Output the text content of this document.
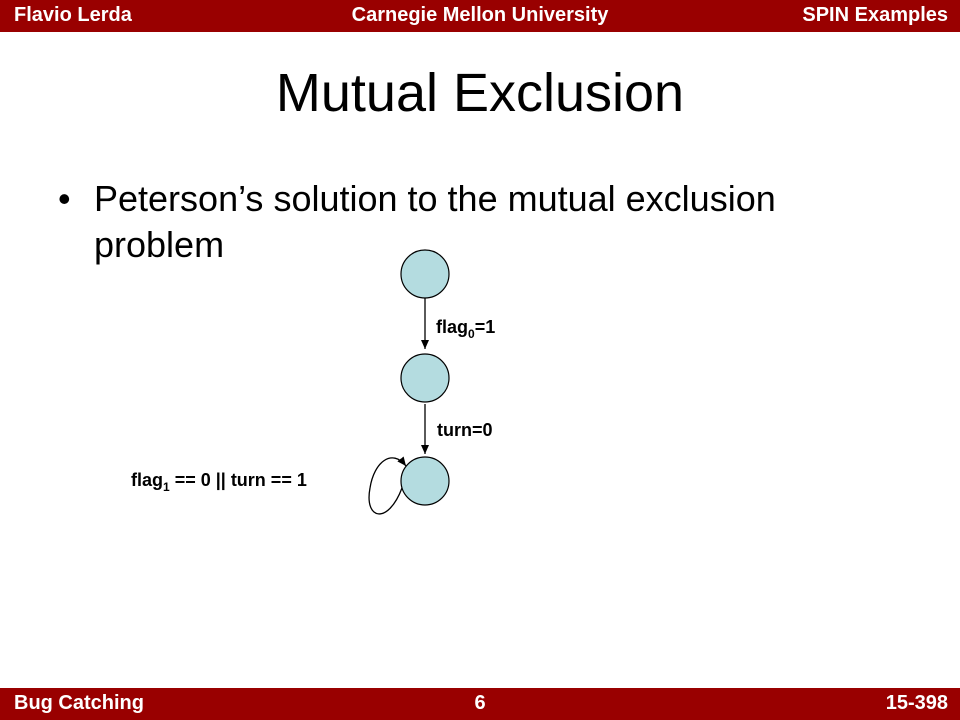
Flavio Lerda	Carnegie Mellon University	SPIN Examples
Mutual Exclusion
• Peterson’s solution to the mutual exclusion problem
flag$_0$=1
turn=0
flag$_1$ == 0 || turn == 1
Bug Catching	6	15-398
